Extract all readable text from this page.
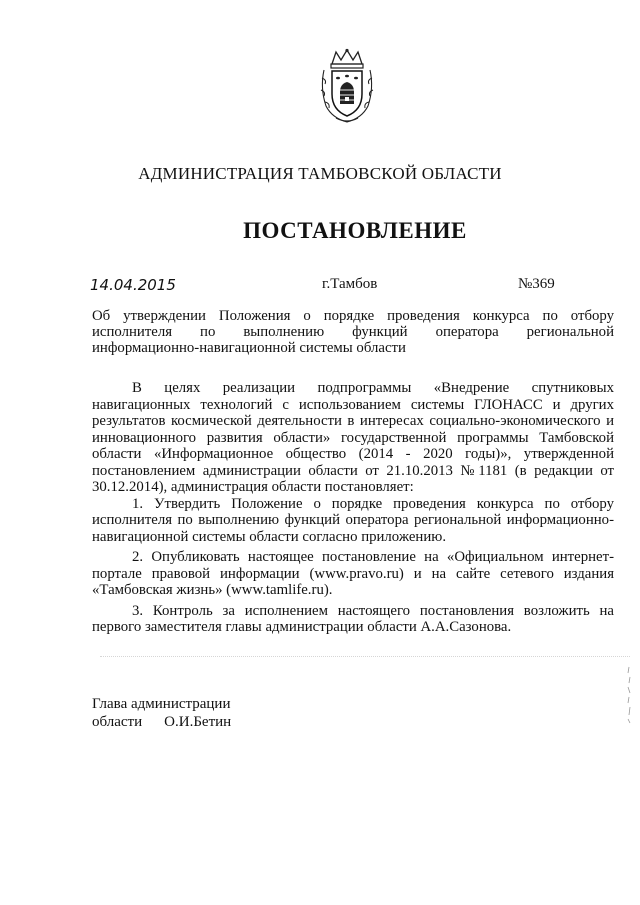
АДМИНИСТРАЦИЯ ТАМБОВСКОЙ ОБЛАСТИ
ПОСТАНОВЛЕНИЕ
14.04.2015	г.Тамбов	№369
Об утверждении Положения о порядке проведения конкурса по отбору
исполнителя по выполнению функций оператора региональной
информационно-навигационной системы области

В целях реализации подпрограммы «Внедрение спутниковых навигационных технологий с использованием системы ГЛОНАСС и других результатов космической деятельности в интересах социально-экономического и инновационного развития области» государственной программы Тамбовской области «Информационное общество (2014 - 2020 годы)», утвержденной постановлением администрации области от 21.10.2013 №1181 (в редакции от 30.12.2014), администрация области постановляет:

1. Утвердить Положение о порядке проведения конкурса по отбору исполнителя по выполнению функций оператора региональной информационно-навигационной системы области согласно приложению.

2. Опубликовать настоящее постановление на «Официальном интернет-портале правовой информации (www.pravo.ru) и на сайте сетевого издания «Тамбовская жизнь» (www.tamlife.ru).

3. Контроль за исполнением настоящего постановления возложить на первого заместителя главы администрации области А.А.Сазонова.

Глава администрации
области О.И.Бетин
